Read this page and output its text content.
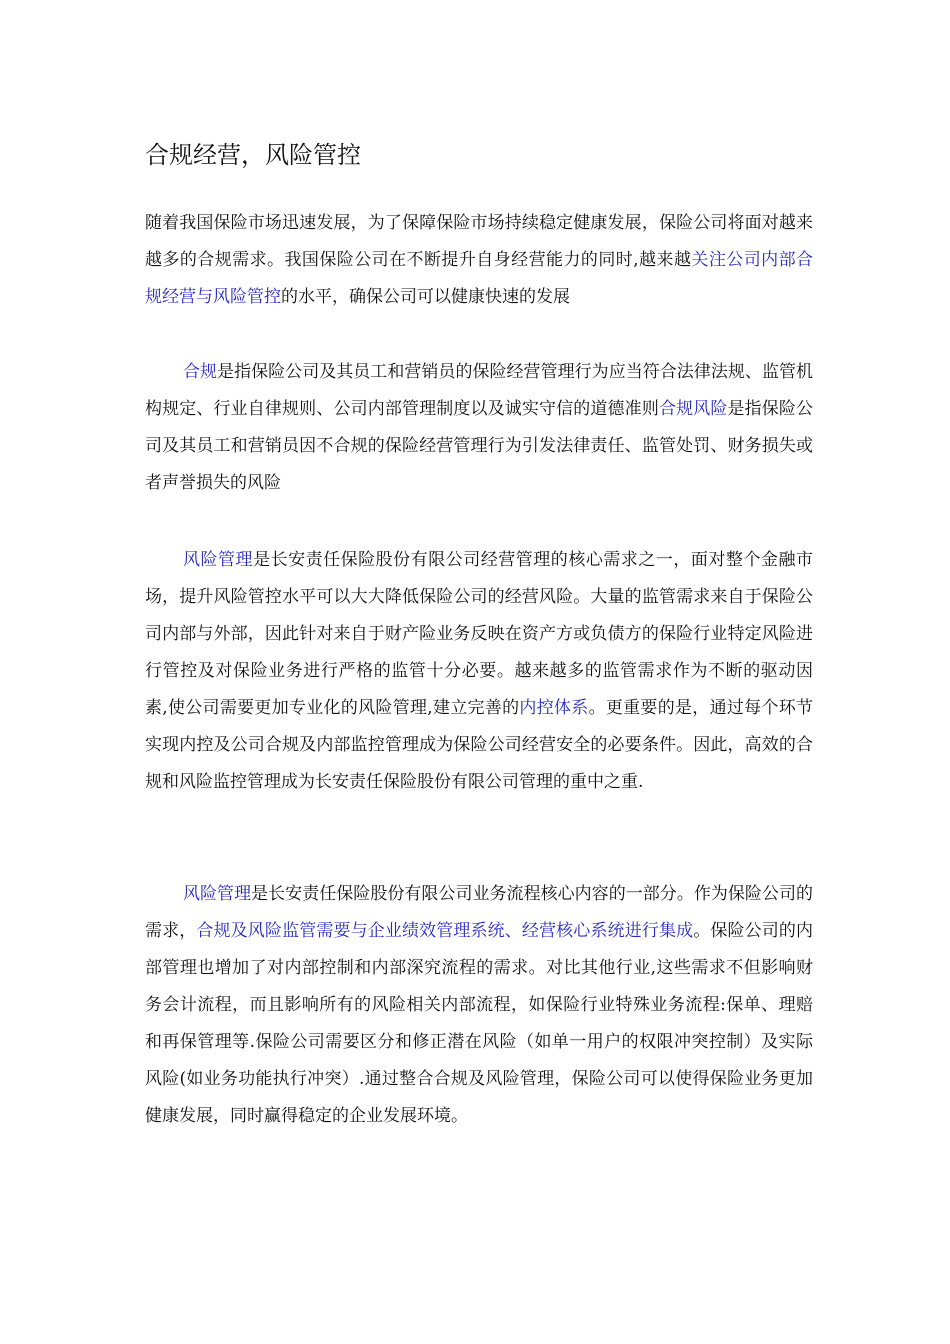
合规经营，风险管控

随着我国保险市场迅速发展，为了保障保险市场持续稳定健康发展，保险公司将面对越来越多的合规需求。我国保险公司在不断提升自身经营能力的同时,越来越关注公司内部合规经营与风险管控的水平，确保公司可以健康快速的发展

合规是指保险公司及其员工和营销员的保险经营管理行为应当符合法律法规、监管机构规定、行业自律规则、公司内部管理制度以及诚实守信的道德准则合规风险是指保险公司及其员工和营销员因不合规的保险经营管理行为引发法律责任、监管处罚、财务损失或者声誉损失的风险

风险管理是长安责任保险股份有限公司经营管理的核心需求之一，面对整个金融市场，提升风险管控水平可以大大降低保险公司的经营风险。大量的监管需求来自于保险公司内部与外部，因此针对来自于财产险业务反映在资产方或负债方的保险行业特定风险进行管控及对保险业务进行严格的监管十分必要。越来越多的监管需求作为不断的驱动因素,使公司需要更加专业化的风险管理,建立完善的内控体系。更重要的是，通过每个环节实现内控及公司合规及内部监控管理成为保险公司经营安全的必要条件。因此，高效的合规和风险监控管理成为长安责任保险股份有限公司管理的重中之重.

风险管理是长安责任保险股份有限公司业务流程核心内容的一部分。作为保险公司的需求，合规及风险监管需要与企业绩效管理系统、经营核心系统进行集成。保险公司的内部管理也增加了对内部控制和内部深究流程的需求。对比其他行业,这些需求不但影响财务会计流程，而且影响所有的风险相关内部流程，如保险行业特殊业务流程:保单、理赔和再保管理等.保险公司需要区分和修正潜在风险（如单一用户的权限冲突控制）及实际风险(如业务功能执行冲突）.通过整合合规及风险管理，保险公司可以使得保险业务更加健康发展，同时赢得稳定的企业发展环境。
